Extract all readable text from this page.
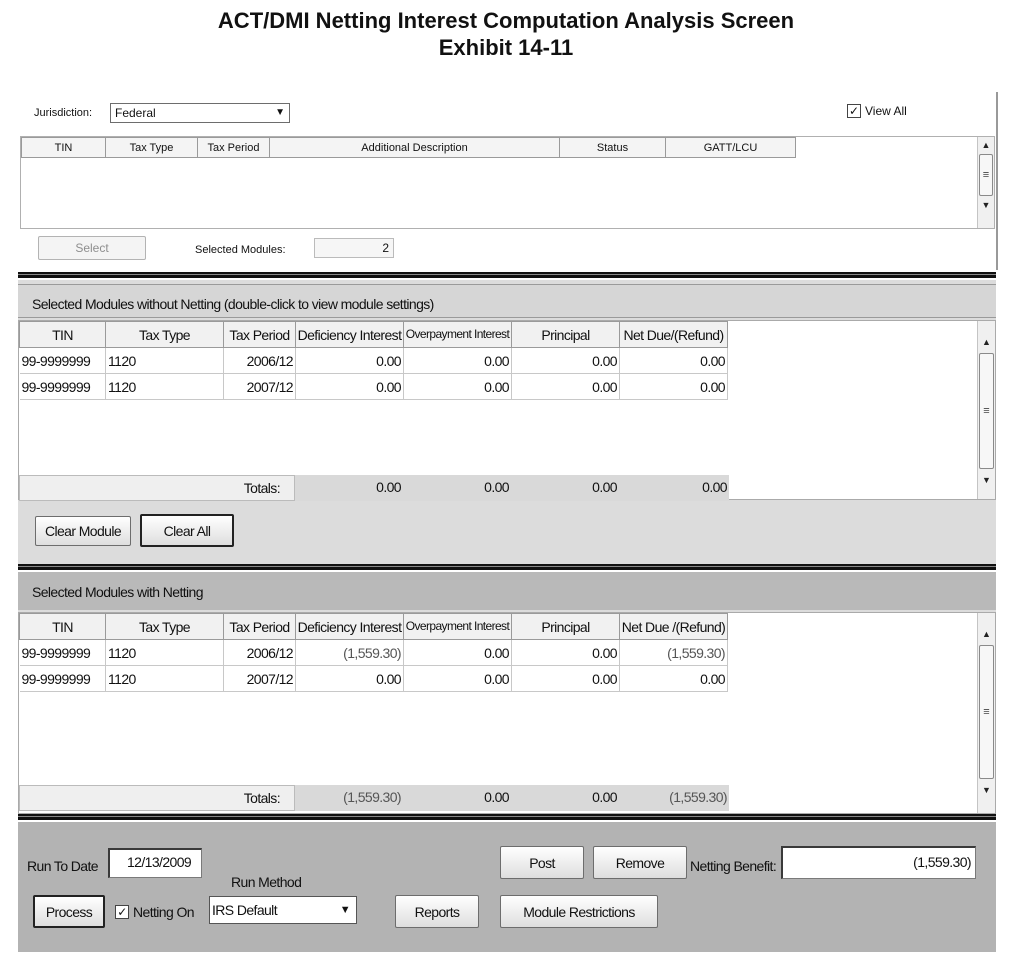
ACT/DMI Netting Interest Computation Analysis Screen
Exhibit 14-11
Jurisdiction:	Federal	▼	✓ View All
TIN	Tax Type	Tax Period	Additional Description	Status	GATT/LCU	▲
≡
▼
Select	Selected Modules:	2
Selected Modules without Netting (double-click to view module settings)
TIN	Tax Type	Tax Period	Deficiency Interest	Overpayment Interest	Principal	Net Due/(Refund)
99-9999999	1120	2006/12	0.00	0.00	0.00	0.00
99-9999999	1120	2007/12	0.00	0.00	0.00	0.00
Totals:	0.00	0.00	0.00	0.00
▲
≡
▼
Clear Module	Clear All
Selected Modules with Netting
TIN	Tax Type	Tax Period	Deficiency Interest	Overpayment Interest	Principal	Net Due /(Refund)
99-9999999	1120	2006/12	(1,559.30)	0.00	0.00	(1,559.30)
99-9999999	1120	2007/12	0.00	0.00	0.00	0.00
Totals:	(1,559.30)	0.00	0.00	(1,559.30)
▲
≡
▼
Run To Date	12/13/2009
Run Method
IRS Default	▼
Process	✓ Netting On	Reports
Post	Remove
Module Restrictions
Netting Benefit:	(1,559.30)
